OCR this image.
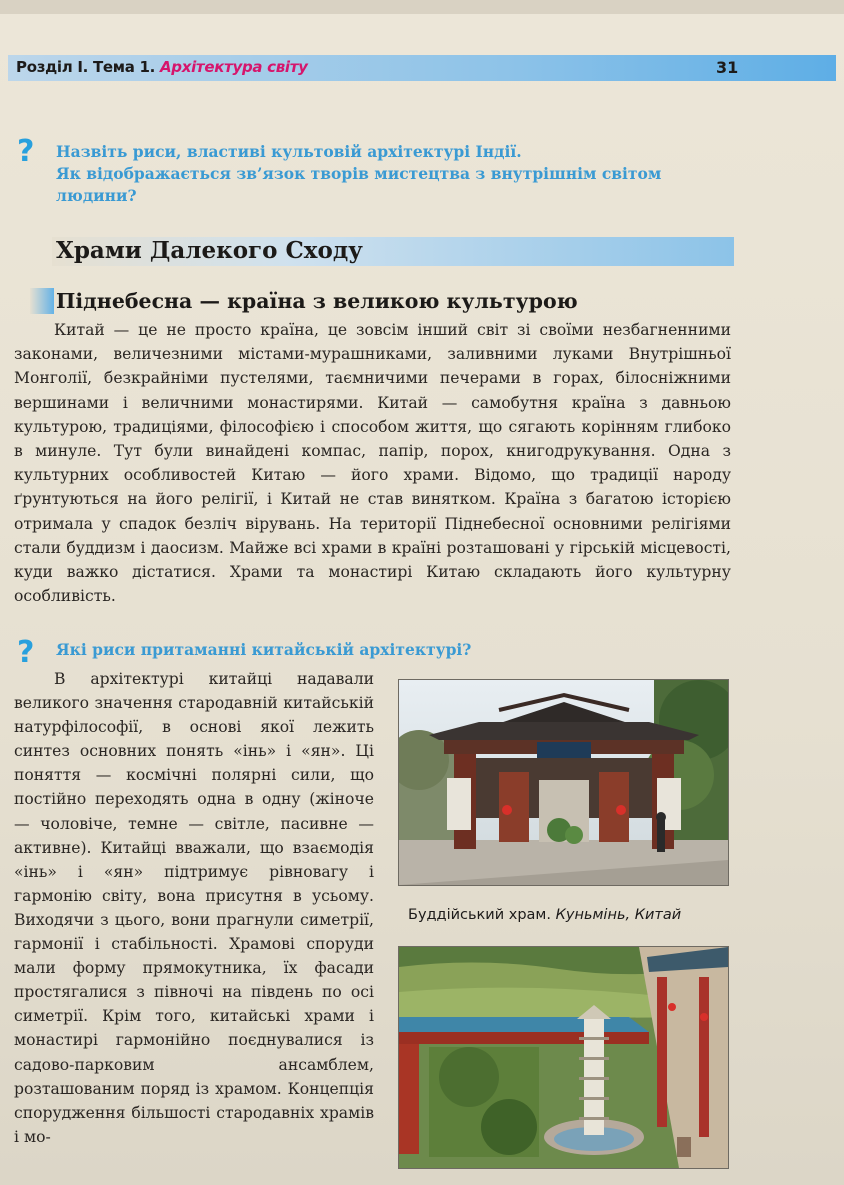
Розділ І. Тема 1. Архітектура світу	31
? Назвіть риси, властиві культовій архітектурі Індії.
Як відображається зв’язок творів мистецтва з внутрішнім світом
людини?
Храми Далекого Сходу
Піднебесна — країна з великою культурою

Китай — це не просто країна, це зовсім інший світ зі своїми незбагненними законами, величезними містами-мурашниками, заливними луками Внутрішньої Монголії, безкрайніми пустелями, таємничими печерами в горах, білосніжними вершинами і величними монастирями. Китай — самобутня країна з давньою культурою, традиціями, філософією і способом життя, що сягають корінням глибоко в минуле. Тут були винайдені компас, папір, порох, книгодрукування. Одна з культурних особливостей Китаю — його храми. Відомо, що традиції народу ґрунтуються на його релігії, і Китай не став винятком. Країна з багатою історією отримала у спадок безліч вірувань. На території Піднебесної основними релігіями стали буддизм і даосизм. Майже всі храми в країні розташовані у гірській місцевості, куди важко дістатися. Храми та монастирі Китаю складають його культурну особливість.

? Які риси притаманні китайській архітектурі?

В архітектурі китайці надавали великого значення стародавній китайській натурфілософії, в основі якої лежить синтез основних понять «інь» і «ян». Ці поняття — космічні полярні сили, що постійно переходять одна в одну (жіноче — чоловіче, темне — світле, пасивне — активне). Китайці вважали, що взаємодія «інь» і «ян» підтримує рівновагу і гармонію світу, вона присутня в усьому. Виходячи з цього, вони прагнули симетрії, гармонії і стабільності. Храмові споруди мали форму прямокутника, їх фасади простягалися з півночі на південь по осі симетрії. Крім того, китайські храми і монастирі гармонійно поєднувалися із садово-парковим ансамблем, розташованим поряд із храмом. Концепція спорудження більшості стародавніх храмів і мо-

Буддійський храм. Куньмінь, Китай
